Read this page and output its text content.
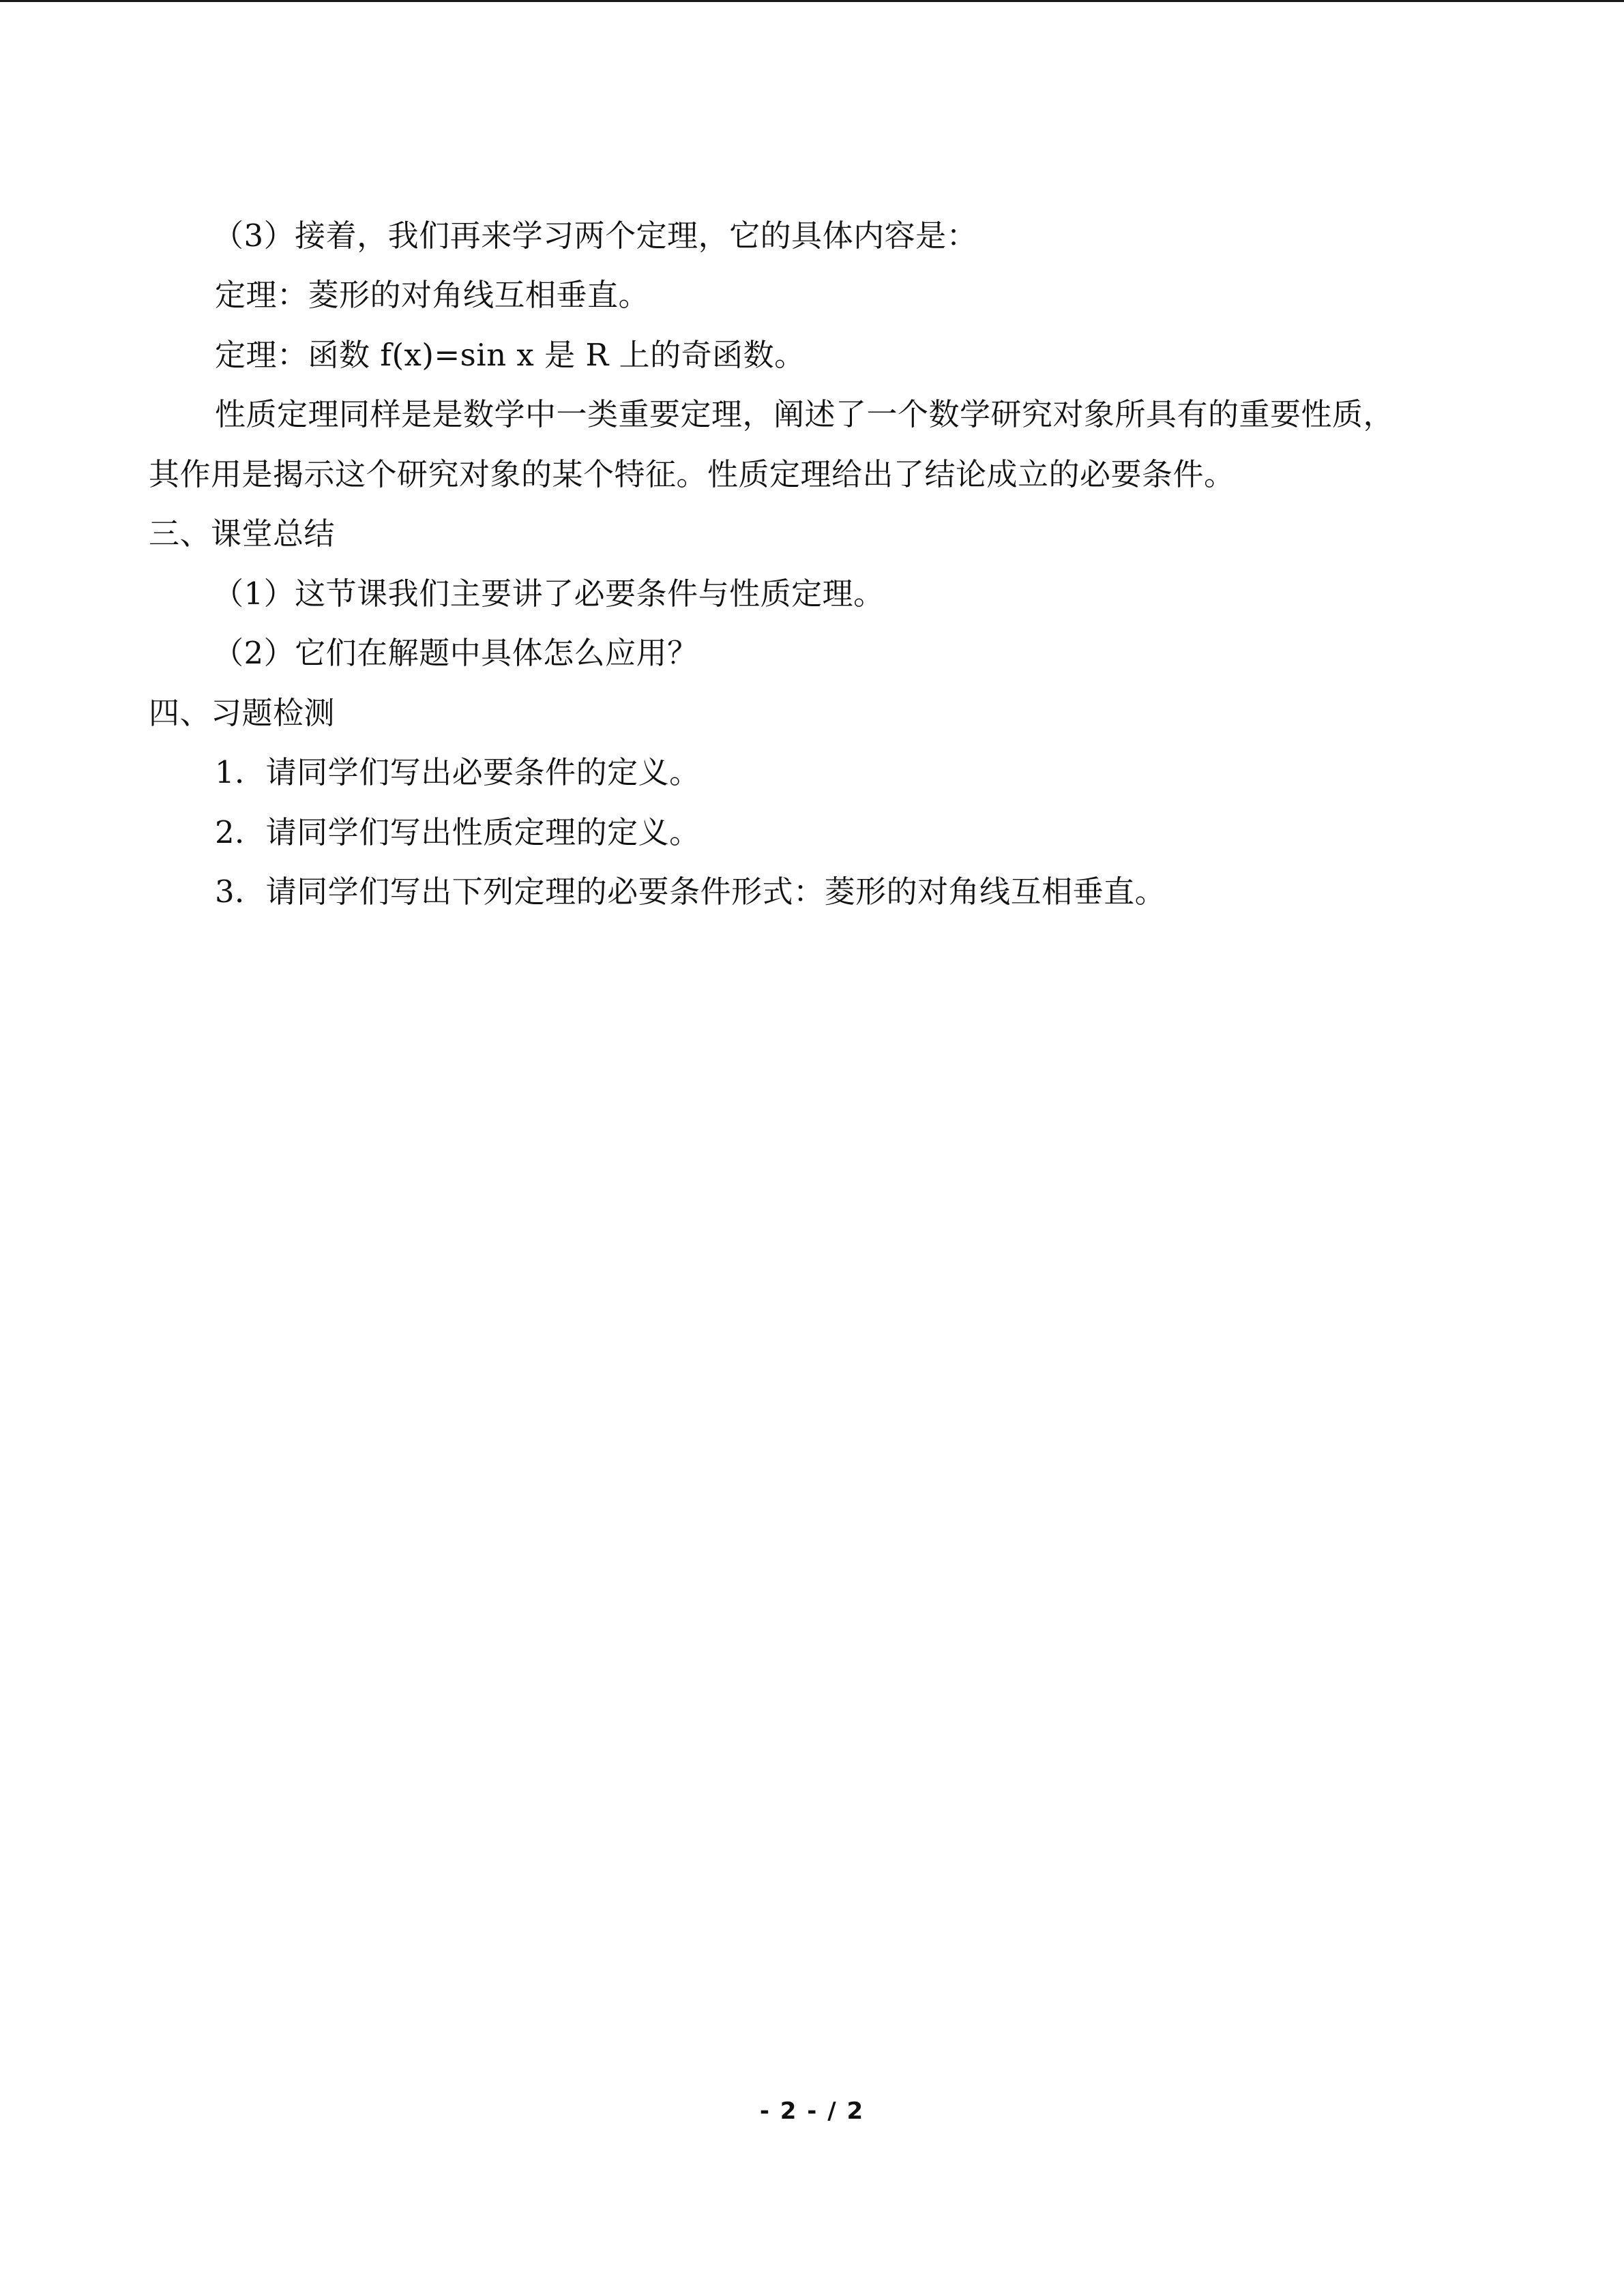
（3）接着，我们再来学习两个定理，它的具体内容是：
定理：菱形的对角线互相垂直。
定理：函数 f(x)=sin x 是 R 上的奇函数。
性质定理同样是是数学中一类重要定理，阐述了一个数学研究对象所具有的重要性质，
其作用是揭示这个研究对象的某个特征。性质定理给出了结论成立的必要条件。
三、课堂总结
（1）这节课我们主要讲了必要条件与性质定理。
（2）它们在解题中具体怎么应用？
四、习题检测
1．请同学们写出必要条件的定义。
2．请同学们写出性质定理的定义。
3．请同学们写出下列定理的必要条件形式：菱形的对角线互相垂直。
- 2 - / 2
